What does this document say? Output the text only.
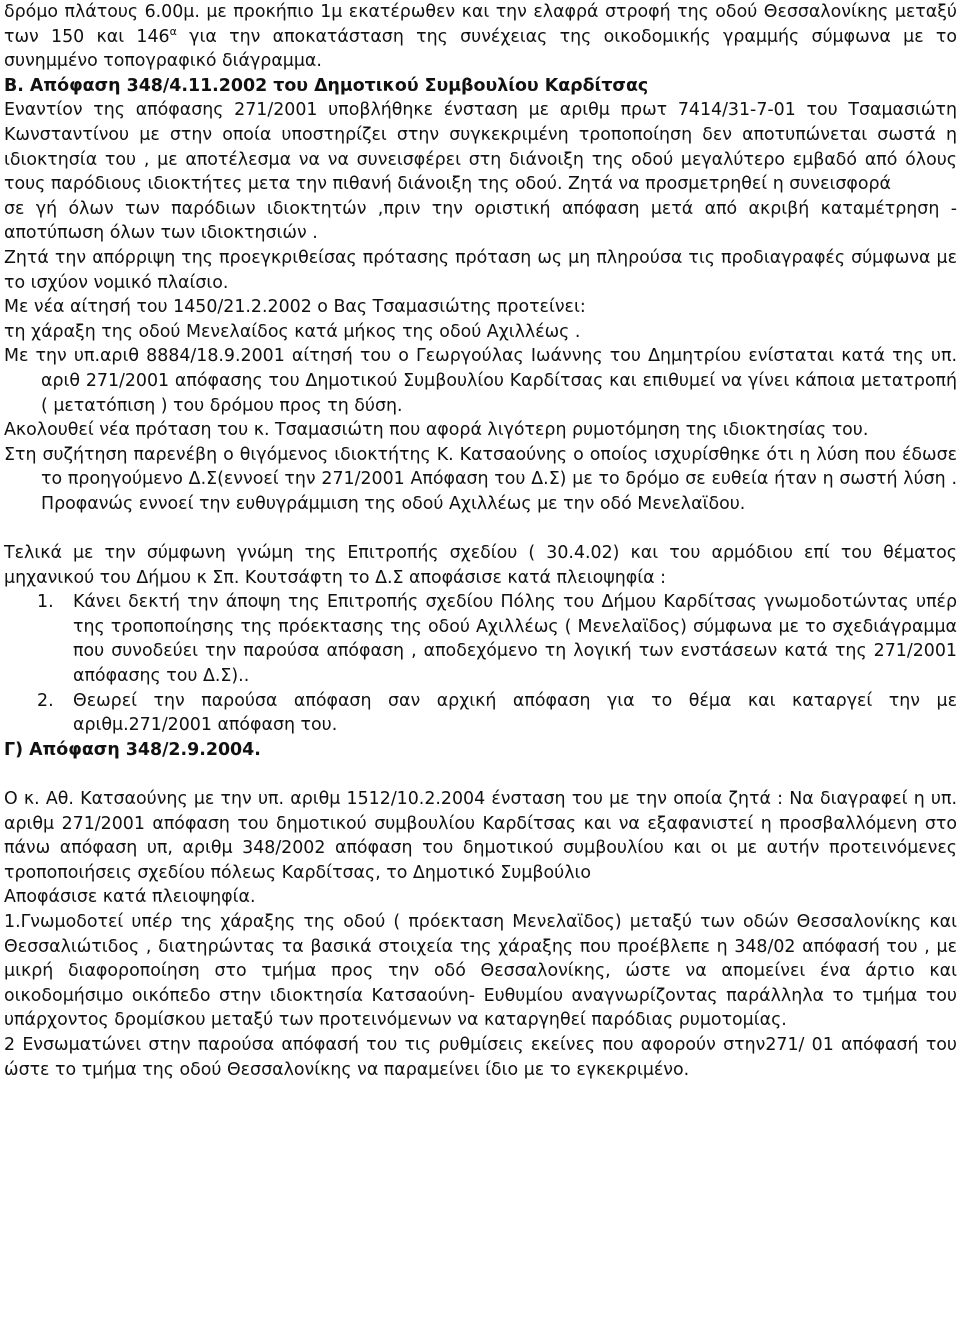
δρόμο πλάτους 6.00μ. με προκήπιο 1μ εκατέρωθεν και την ελαφρά στροφή της οδού Θεσσαλονίκης μεταξύ των 150 και $146^\alpha$ για την αποκατάσταση της συνέχειας της οικοδομικής γραμμής σύμφωνα με το συνημμένο τοπογραφικό διάγραμμα.

Β. Απόφαση 348/4.11.2002 του Δημοτικού Συμβουλίου Καρδίτσας

Εναντίον της απόφασης 271/2001 υποβλήθηκε ένσταση με αριθμ πρωτ 7414/31-7-01 του Τσαμασιώτη Κωνσταντίνου με στην οποία υποστηρίζει στην συγκεκριμένη τροποποίηση δεν αποτυπώνεται σωστά η ιδιοκτησία του , με αποτέλεσμα να να συνεισφέρει στη διάνοιξη της οδού μεγαλύτερο εμβαδό από όλους τους παρόδιους ιδιοκτήτες μετα την πιθανή διάνοιξη της οδού. Ζητά να προσμετρηθεί η συνεισφορά

σε γή όλων των παρόδιων ιδιοκτητών ,πριν την οριστική απόφαση μετά από ακριβή καταμέτρηση - αποτύπωση όλων των ιδιοκτησιών .

Ζητά την απόρριψη της προεγκριθείσας πρότασης πρόταση ως μη πληρούσα τις προδιαγραφές σύμφωνα με το ισχύον νομικό πλαίσιο.

Με νέα αίτησή του 1450/21.2.2002 ο Βας Τσαμασιώτης προτείνει:

τη χάραξη της οδού Μενελαίδος κατά μήκος της οδού Αχιλλέως .

Με την υπ.αριθ 8884/18.9.2001 αίτησή του ο Γεωργούλας Ιωάννης του Δημητρίου ενίσταται κατά της υπ. αριθ 271/2001 απόφασης του Δημοτικού Συμβουλίου Καρδίτσας και επιθυμεί να γίνει κάποια μετατροπή ( μετατόπιση ) του δρόμου προς τη δύση.

Ακολουθεί νέα πρόταση του κ. Τσαμασιώτη που αφορά λιγότερη ρυμοτόμηση της ιδιοκτησίας του.

Στη συζήτηση παρενέβη ο θιγόμενος ιδιοκτήτης Κ. Κατσαούνης ο οποίος ισχυρίσθηκε ότι η λύση που έδωσε το προηγούμενο Δ.Σ(εννοεί την 271/2001 Απόφαση του Δ.Σ) με το δρόμο σε ευθεία ήταν η σωστή λύση . Προφανώς εννοεί την ευθυγράμμιση της οδού Αχιλλέως με την οδό Μενελαϊδου.

Τελικά με την σύμφωνη γνώμη της Επιτροπής σχεδίου ( 30.4.02) και του αρμόδιου επί του θέματος μηχανικού του Δήμου κ Σπ. Κουτσάφτη το Δ.Σ αποφάσισε κατά πλειοψηφία :

1. Κάνει δεκτή την άποψη της Επιτροπής σχεδίου Πόλης του Δήμου Καρδίτσας γνωμοδοτώντας υπέρ της τροποποίησης της πρόεκτασης της οδού Αχιλλέως ( Μενελαϊδος) σύμφωνα με το σχεδιάγραμμα που συνοδεύει την παρούσα απόφαση , αποδεχόμενο τη λογική των ενστάσεων κατά της 271/2001 απόφασης του Δ.Σ)..
2. Θεωρεί την παρούσα απόφαση σαν αρχική απόφαση για το θέμα και καταργεί την με αριθμ.271/2001 απόφαση του.

Γ) Απόφαση 348/2.9.2004.

Ο κ. Αθ. Κατσαούνης με την υπ. αριθμ 1512/10.2.2004 ένσταση του με την οποία ζητά : Να διαγραφεί η υπ. αριθμ 271/2001 απόφαση του δημοτικού συμβουλίου Καρδίτσας και να εξαφανιστεί η προσβαλλόμενη στο πάνω απόφαση υπ, αριθμ 348/2002 απόφαση του δημοτικού συμβουλίου και οι με αυτήν προτεινόμενες τροποποιήσεις σχεδίου πόλεως Καρδίτσας, το Δημοτικό Συμβούλιο

Αποφάσισε κατά πλειοψηφία.

1.Γνωμοδοτεί υπέρ της χάραξης της οδού ( πρόεκταση Μενελαϊδος) μεταξύ των οδών Θεσσαλονίκης και Θεσσαλιώτιδος , διατηρώντας τα βασικά στοιχεία της χάραξης που προέβλεπε η 348/02 απόφασή του , με μικρή διαφοροποίηση στο τμήμα προς την οδό Θεσσαλονίκης, ώστε να απομείνει ένα άρτιο και οικοδομήσιμο οικόπεδο στην ιδιοκτησία Κατσαούνη- Ευθυμίου αναγνωρίζοντας παράλληλα το τμήμα του υπάρχοντος δρομίσκου μεταξύ των προτεινόμενων να καταργηθεί παρόδιας ρυμοτομίας.

2 Ενσωματώνει στην παρούσα απόφασή του τις ρυθμίσεις εκείνες που αφορούν στην271/ 01 απόφασή του ώστε το τμήμα της οδού Θεσσαλονίκης να παραμείνει ίδιο με το εγκεκριμένο.
